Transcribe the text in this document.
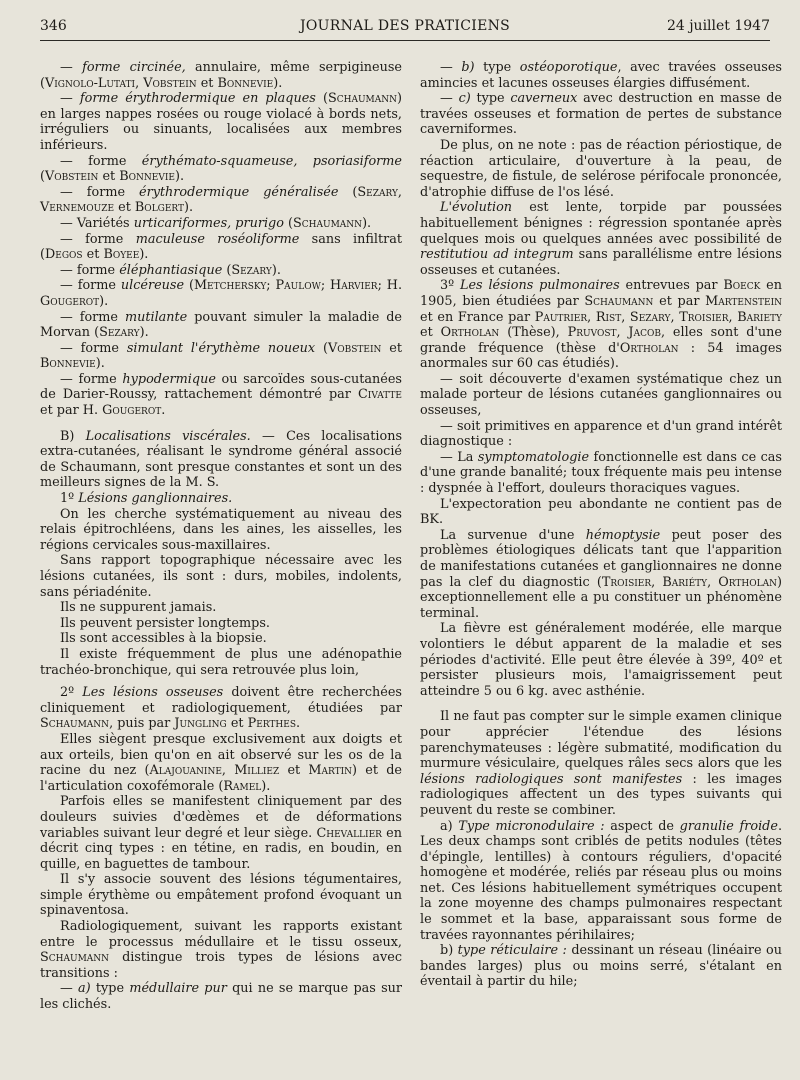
346	JOURNAL DES PRATICIENS	24 juillet 1947

— forme circinée, annulaire, même serpigineuse (Vignolo-Lutati, Vobstein et Bonnevie).

— forme érythrodermique en plaques (Schaumann) en larges nappes rosées ou rouge violacé à bords nets, irréguliers ou sinuants, localisées aux membres inférieurs.

— forme érythémato-squameuse, psoriasiforme (Vobstein et Bonnevie).

— forme érythrodermique généralisée (Sezary, Vernemouze et Bolgert).

— Variétés urticariformes, prurigo (Schaumann).

— forme maculeuse roséoliforme sans infiltrat (Degos et Boyee).

— forme éléphantiasique (Sezary).

— forme ulcéreuse (Metchersky; Paulow; Harvier; H. Gougerot).

— forme mutilante pouvant simuler la maladie de Morvan (Sezary).

— forme simulant l'érythème noueux (Vobstein et Bonnevie).

— forme hypodermique ou sarcoïdes sous-cutanées de Darier-Roussy, rattachement démontré par Civatte et par H. Gougerot.

B) Localisations viscérales. — Ces localisations extra-cutanées, réalisant le syndrome général associé de Schaumann, sont presque constantes et sont un des meilleurs signes de la M. S.

1º Lésions ganglionnaires.

On les cherche systématiquement au niveau des relais épitrochléens, dans les aines, les aisselles, les régions cervicales sous-maxillaires.

Sans rapport topographique nécessaire avec les lésions cutanées, ils sont : durs, mobiles, indolents, sans périadénite.

Ils ne suppurent jamais.

Ils peuvent persister longtemps.

Ils sont accessibles à la biopsie.

Il existe fréquemment de plus une adénopathie trachéo-bronchique, qui sera retrouvée plus loin,

2º Les lésions osseuses doivent être recherchées cliniquement et radiologiquement, étudiées par Schaumann, puis par Jungling et Perthes.

Elles siègent presque exclusivement aux doigts et aux orteils, bien qu'on en ait observé sur les os de la racine du nez (Alajouanine, Milliez et Martin) et de l'articulation coxofémorale (Ramel).

Parfois elles se manifestent cliniquement par des douleurs suivies d'œdèmes et de déformations variables suivant leur degré et leur siège. Chevallier en décrit cinq types : en tétine, en radis, en boudin, en quille, en baguettes de tambour.

Il s'y associe souvent des lésions tégumentaires, simple érythème ou empâtement profond évoquant un spinaventosa.

Radiologiquement, suivant les rapports existant entre le processus médullaire et le tissu osseux, Schaumann distingue trois types de lésions avec transitions :

— a) type médullaire pur qui ne se marque pas sur les clichés.

— b) type ostéoporotique, avec travées osseuses amincies et lacunes osseuses élargies diffusément.

— c) type caverneux avec destruction en masse de travées osseuses et formation de pertes de substance caverniformes.

De plus, on ne note : pas de réaction périostique, de réaction articulaire, d'ouverture à la peau, de sequestre, de fistule, de selérose périfocale prononcée, d'atrophie diffuse de l'os lésé.

L'évolution est lente, torpide par poussées habituellement bénignes : régression spontanée après quelques mois ou quelques années avec possibilité de restitutiou ad integrum sans parallélisme entre lésions osseuses et cutanées.

3º Les lésions pulmonaires entrevues par Boeck en 1905, bien étudiées par Schaumann et par Martenstein et en France par Pautrier, Rist, Sezary, Troisier, Bariety et Ortholan (Thèse), Pruvost, Jacob, elles sont d'une grande fréquence (thèse d'Ortholan : 54 images anormales sur 60 cas étudiés).

— soit découverte d'examen systématique chez un malade porteur de lésions cutanées ganglionnaires ou osseuses,

— soit primitives en apparence et d'un grand intérêt diagnostique :

— La symptomatologie fonctionnelle est dans ce cas d'une grande banalité; toux fréquente mais peu intense : dyspnée à l'effort, douleurs thoraciques vagues.

L'expectoration peu abondante ne contient pas de BK.

La survenue d'une hémoptysie peut poser des problèmes étiologiques délicats tant que l'apparition de manifestations cutanées et ganglionnaires ne donne pas la clef du diagnostic (Troisier, Bariéty, Ortholan) exceptionnellement elle a pu constituer un phénomène terminal.

La fièvre est généralement modérée, elle marque volontiers le début apparent de la maladie et ses périodes d'activité. Elle peut être élevée à 39º, 40º et persister plusieurs mois, l'amaigrissement peut atteindre 5 ou 6 kg. avec asthénie.

Il ne faut pas compter sur le simple examen clinique pour apprécier l'étendue des lésions parenchymateuses : légère submatité, modification du murmure vésiculaire, quelques râles secs alors que les lésions radiologiques sont manifestes : les images radiologiques affectent un des types suivants qui peuvent du reste se combiner.

a) Type micronodulaire : aspect de granulie froide. Les deux champs sont criblés de petits nodules (têtes d'épingle, lentilles) à contours réguliers, d'opacité homogène et modérée, reliés par réseau plus ou moins net. Ces lésions habituellement symétriques occupent la zone moyenne des champs pulmonaires respectant le sommet et la base, apparaissant sous forme de travées rayonnantes périhilaires;

b) type réticulaire : dessinant un réseau (linéaire ou bandes larges) plus ou moins serré, s'étalant en éventail à partir du hile;
